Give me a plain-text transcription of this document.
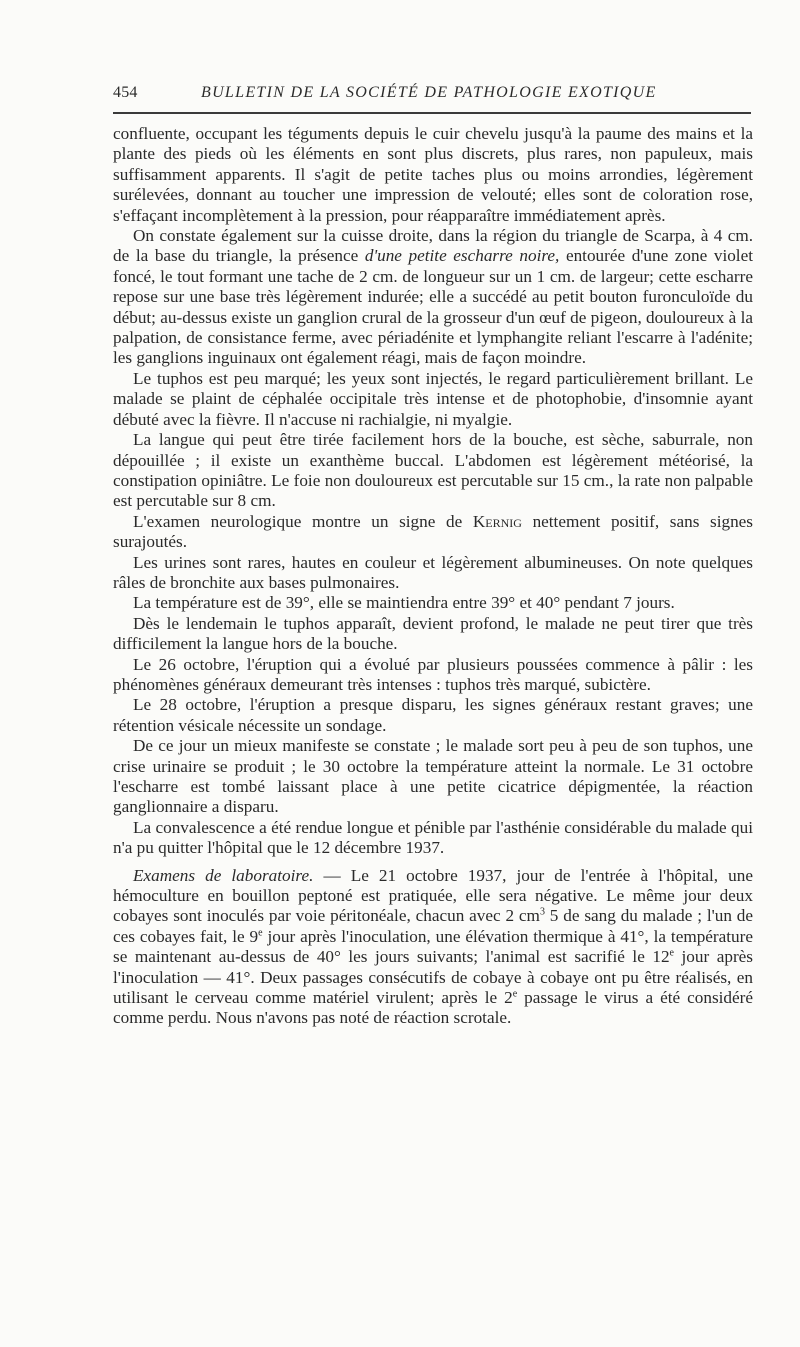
454	BULLETIN DE LA SOCIÉTÉ DE PATHOLOGIE EXOTIQUE

confluente, occupant les téguments depuis le cuir chevelu jusqu'à la paume des mains et la plante des pieds où les éléments en sont plus discrets, plus rares, non papuleux, mais suffisamment apparents. Il s'agit de petite taches plus ou moins arrondies, légèrement surélevées, donnant au toucher une impression de velouté; elles sont de coloration rose, s'effaçant incomplètement à la pression, pour réapparaître immédiatement après.

On constate également sur la cuisse droite, dans la région du triangle de Scarpa, à 4 cm. de la base du triangle, la présence d'une petite escharre noire, entourée d'une zone violet foncé, le tout formant une tache de 2 cm. de longueur sur un 1 cm. de largeur; cette escharre repose sur une base très légèrement indurée; elle a succédé au petit bouton furonculoïde du début; au-dessus existe un ganglion crural de la grosseur d'un œuf de pigeon, douloureux à la palpation, de consistance ferme, avec périadénite et lymphangite reliant l'escarre à l'adénite; les ganglions inguinaux ont également réagi, mais de façon moindre.

Le tuphos est peu marqué; les yeux sont injectés, le regard particulièrement brillant. Le malade se plaint de céphalée occipitale très intense et de photophobie, d'insomnie ayant débuté avec la fièvre. Il n'accuse ni rachialgie, ni myalgie.

La langue qui peut être tirée facilement hors de la bouche, est sèche, saburrale, non dépouillée ; il existe un exanthème buccal. L'abdomen est légèrement météorisé, la constipation opiniâtre. Le foie non douloureux est percutable sur 15 cm., la rate non palpable est percutable sur 8 cm.

L'examen neurologique montre un signe de Kernig nettement positif, sans signes surajoutés.

Les urines sont rares, hautes en couleur et légèrement albumineuses. On note quelques râles de bronchite aux bases pulmonaires.

La température est de 39°, elle se maintiendra entre 39° et 40° pendant 7 jours.

Dès le lendemain le tuphos apparaît, devient profond, le malade ne peut tirer que très difficilement la langue hors de la bouche.

Le 26 octobre, l'éruption qui a évolué par plusieurs poussées commence à pâlir : les phénomènes généraux demeurant très intenses : tuphos très marqué, subictère.

Le 28 octobre, l'éruption a presque disparu, les signes généraux restant graves; une rétention vésicale nécessite un sondage.

De ce jour un mieux manifeste se constate ; le malade sort peu à peu de son tuphos, une crise urinaire se produit ; le 30 octobre la température atteint la normale. Le 31 octobre l'escharre est tombé laissant place à une petite cicatrice dépigmentée, la réaction ganglionnaire a disparu.

La convalescence a été rendue longue et pénible par l'asthénie considérable du malade qui n'a pu quitter l'hôpital que le 12 décembre 1937.

Examens de laboratoire. — Le 21 octobre 1937, jour de l'entrée à l'hôpital, une hémoculture en bouillon peptoné est pratiquée, elle sera négative. Le même jour deux cobayes sont inoculés par voie péritonéale, chacun avec 2 $cm^3$ 5 de sang du malade ; l'un de ces cobayes fait, le 9e jour après l'inoculation, une élévation thermique à 41°, la température se maintenant au-dessus de 40° les jours suivants; l'animal est sacrifié le 12e jour après l'inoculation — 41°. Deux passages consécutifs de cobaye à cobaye ont pu être réalisés, en utilisant le cerveau comme matériel virulent; après le 2e passage le virus a été considéré comme perdu. Nous n'avons pas noté de réaction scrotale.
